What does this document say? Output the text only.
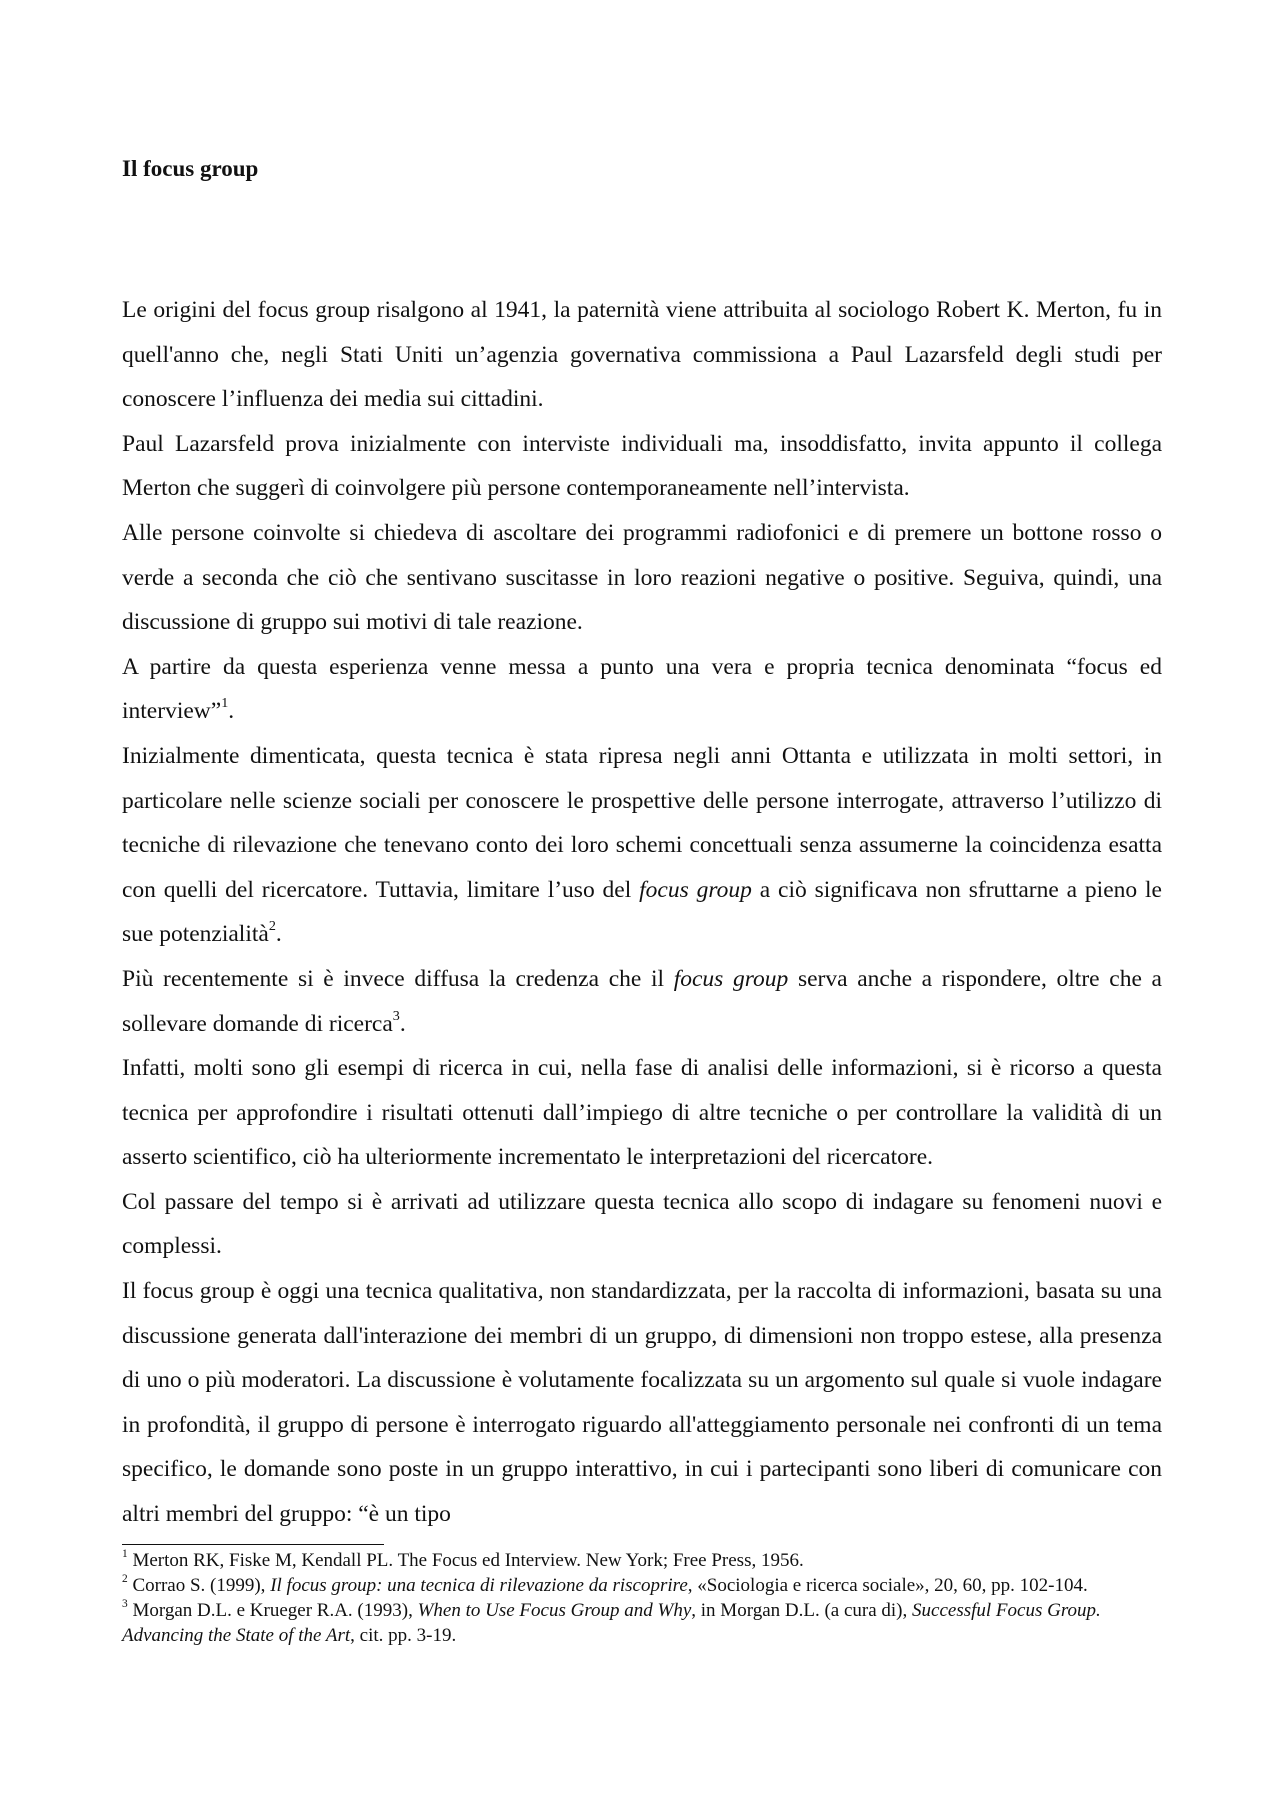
Il focus group

Le origini del focus group risalgono al 1941, la paternità viene attribuita al sociologo Robert K. Merton, fu in quell'anno che, negli Stati Uniti un’agenzia governativa commissiona a Paul Lazarsfeld degli studi per conoscere l’influenza dei media sui cittadini.

Paul Lazarsfeld prova inizialmente con interviste individuali ma, insoddisfatto, invita appunto il collega Merton che suggerì di coinvolgere più persone contemporaneamente nell’intervista.

Alle persone coinvolte si chiedeva di ascoltare dei programmi radiofonici e di premere un bottone rosso o verde a seconda che ciò che sentivano suscitasse in loro reazioni negative o positive. Seguiva, quindi, una discussione di gruppo sui motivi di tale reazione.

A partire da questa esperienza venne messa a punto una vera e propria tecnica denominata “focus ed interview”$^1$.

Inizialmente dimenticata, questa tecnica è stata ripresa negli anni Ottanta e utilizzata in molti settori, in particolare nelle scienze sociali per conoscere le prospettive delle persone interrogate, attraverso l’utilizzo di tecniche di rilevazione che tenevano conto dei loro schemi concettuali senza assumerne la coincidenza esatta con quelli del ricercatore. Tuttavia, limitare l’uso del focus group a ciò significava non sfruttarne a pieno le sue potenzialità$^2$.

Più recentemente si è invece diffusa la credenza che il focus group serva anche a rispondere, oltre che a sollevare domande di ricerca$^3$.

Infatti, molti sono gli esempi di ricerca in cui, nella fase di analisi delle informazioni, si è ricorso a questa tecnica per approfondire i risultati ottenuti dall’impiego di altre tecniche o per controllare la validità di un asserto scientifico, ciò ha ulteriormente incrementato le interpretazioni del ricercatore.

Col passare del tempo si è arrivati ad utilizzare questa tecnica allo scopo di indagare su fenomeni nuovi e complessi.

Il focus group è oggi una tecnica qualitativa, non standardizzata, per la raccolta di informazioni, basata su una discussione generata dall'interazione dei membri di un gruppo, di dimensioni non troppo estese, alla presenza di uno o più moderatori. La discussione è volutamente focalizzata su un argomento sul quale si vuole indagare in profondità, il gruppo di persone è interrogato riguardo all'atteggiamento personale nei confronti di un tema specifico, le domande sono poste in un gruppo interattivo, in cui i partecipanti sono liberi di comunicare con altri membri del gruppo: “è un tipo

$^1$ Merton RK, Fiske M, Kendall PL. The Focus ed Interview. New York; Free Press, 1956.

$^2$ Corrao S. (1999), Il focus group: una tecnica di rilevazione da riscoprire, «Sociologia e ricerca sociale», 20, 60, pp. 102-104.

$^3$ Morgan D.L. e Krueger R.A. (1993), When to Use Focus Group and Why, in Morgan D.L. (a cura di), Successful Focus Group. Advancing the State of the Art, cit. pp. 3-19.
